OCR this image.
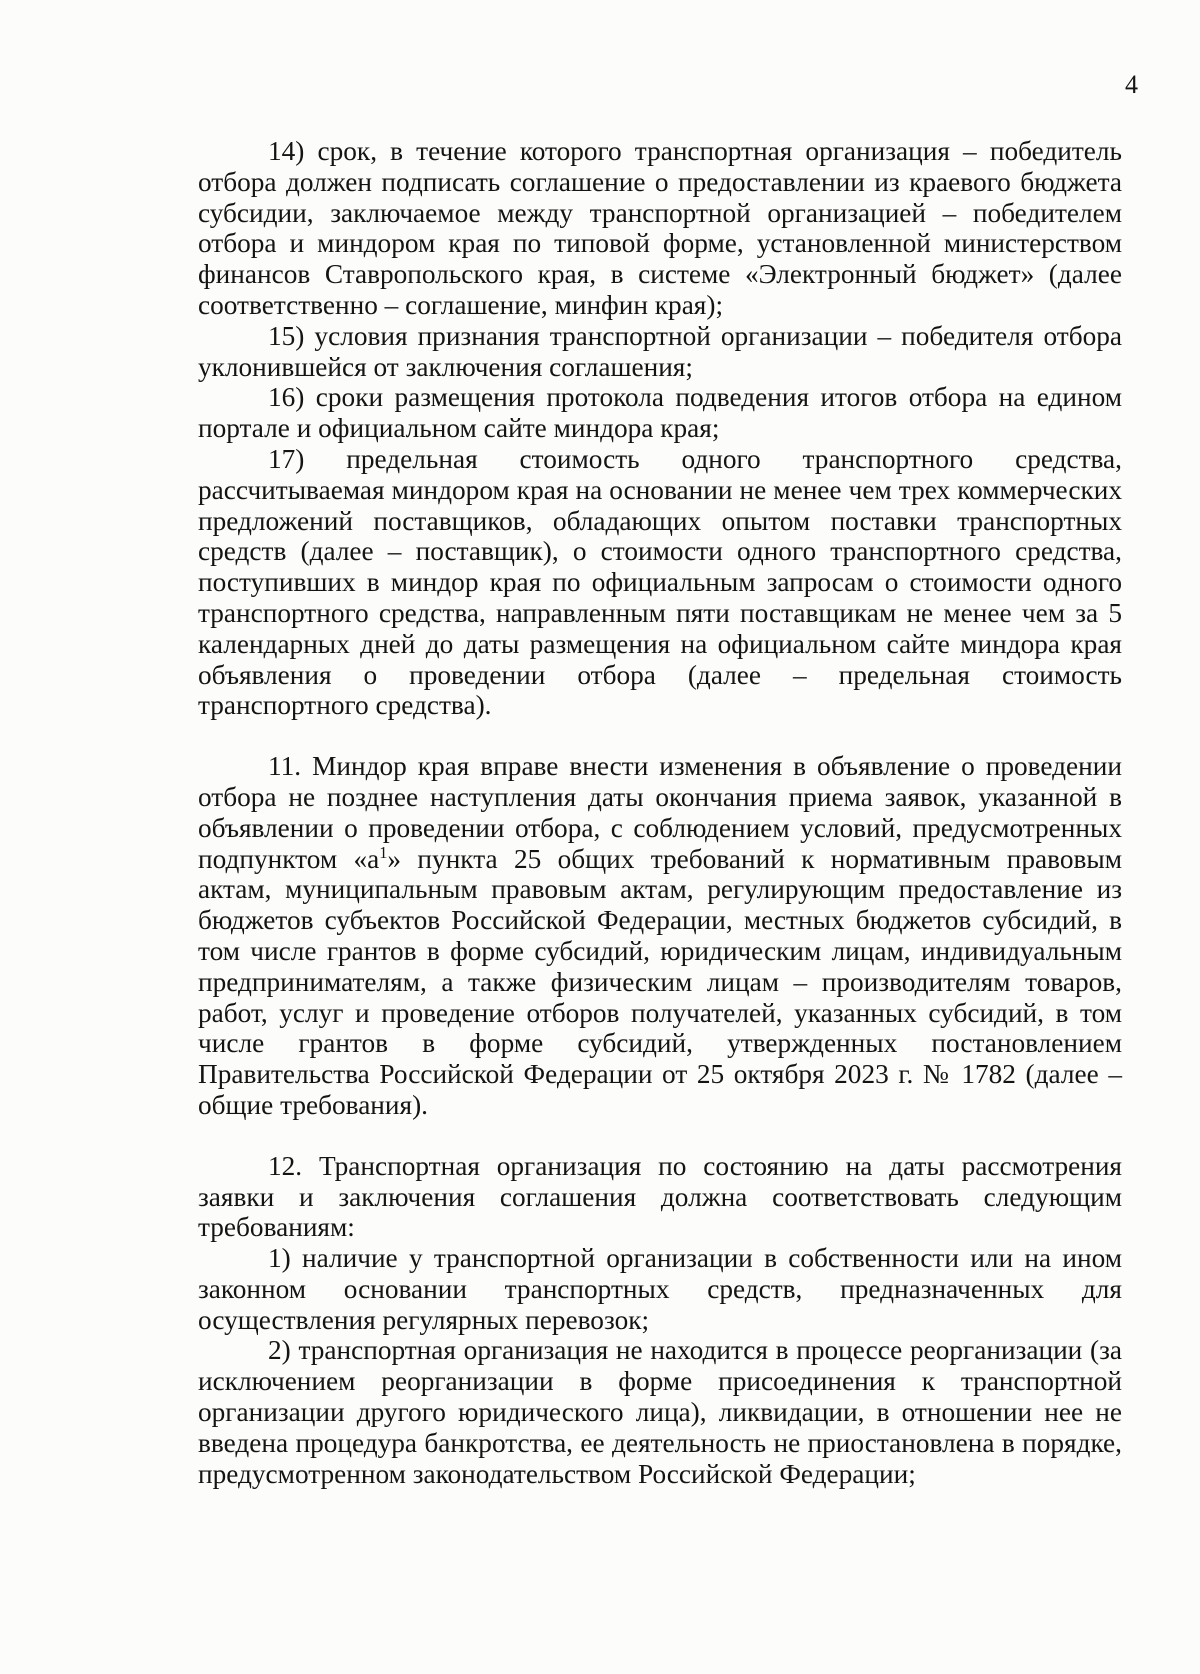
4

14) срок, в течение которого транспортная организация – победитель отбора должен подписать соглашение о предоставлении из краевого бюджета субсидии, заключаемое между транспортной организацией – победителем отбора и миндором края по типовой форме, установленной министерством финансов Ставропольского края, в системе «Электронный бюджет» (далее соответственно – соглашение, минфин края);

15) условия признания транспортной организации – победителя отбора уклонившейся от заключения соглашения;

16) сроки размещения протокола подведения итогов отбора на едином портале и официальном сайте миндора края;

17) предельная стоимость одного транспортного средства, рассчитываемая миндором края на основании не менее чем трех коммерческих предложений поставщиков, обладающих опытом поставки транспортных средств (далее – поставщик), о стоимости одного транспортного средства, поступивших в миндор края по официальным запросам о стоимости одного транспортного средства, направленным пяти поставщикам не менее чем за 5 календарных дней до даты размещения на официальном сайте миндора края объявления о проведении отбора (далее – предельная стоимость транспортного средства).

11. Миндор края вправе внести изменения в объявление о проведении отбора не позднее наступления даты окончания приема заявок, указанной в объявлении о проведении отбора, с соблюдением условий, предусмотренных подпунктом «$а^1$» пункта 25 общих требований к нормативным правовым актам, муниципальным правовым актам, регулирующим предоставление из бюджетов субъектов Российской Федерации, местных бюджетов субсидий, в том числе грантов в форме субсидий, юридическим лицам, индивидуальным предпринимателям, а также физическим лицам – производителям товаров, работ, услуг и проведение отборов получателей, указанных субсидий, в том числе грантов в форме субсидий, утвержденных постановлением Правительства Российской Федерации от 25 октября 2023 г. № 1782 (далее – общие требования).

12. Транспортная организация по состоянию на даты рассмотрения заявки и заключения соглашения должна соответствовать следующим требованиям:

1) наличие у транспортной организации в собственности или на ином законном основании транспортных средств, предназначенных для осуществления регулярных перевозок;

2) транспортная организация не находится в процессе реорганизации (за исключением реорганизации в форме присоединения к транспортной организации другого юридического лица), ликвидации, в отношении нее не введена процедура банкротства, ее деятельность не приостановлена в порядке, предусмотренном законодательством Российской Федерации;
